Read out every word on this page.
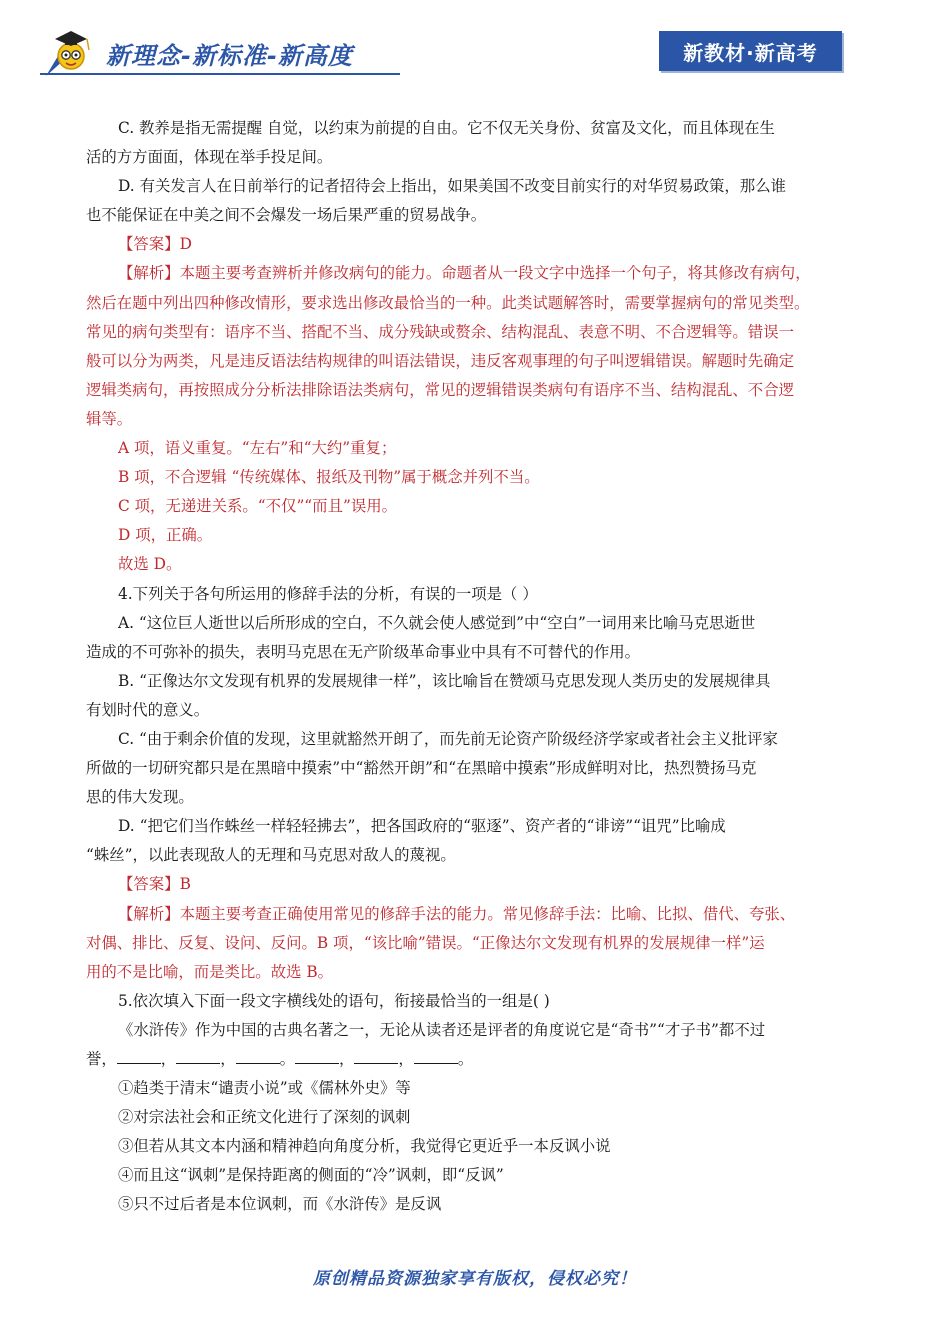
新理念-新标准-新高度	新教材·新高考
C. 教养是指无需提醒 自觉，以约束为前提的自由。它不仅无关身份、贫富及文化，而且体现在生
活的方方面面，体现在举手投足间。
D. 有关发言人在日前举行的记者招待会上指出，如果美国不改变目前实行的对华贸易政策，那么谁
也不能保证在中美之间不会爆发一场后果严重的贸易战争。
【答案】D
【解析】本题主要考查辨析并修改病句的能力。命题者从一段文字中选择一个句子，将其修改有病句，
然后在题中列出四种修改情形，要求选出修改最恰当的一种。此类试题解答时，需要掌握病句的常见类型。
常见的病句类型有：语序不当、搭配不当、成分残缺或赘余、结构混乱、表意不明、不合逻辑等。错误一
般可以分为两类，凡是违反语法结构规律的叫语法错误，违反客观事理的句子叫逻辑错误。解题时先确定
逻辑类病句，再按照成分分析法排除语法类病句，常见的逻辑错误类病句有语序不当、结构混乱、不合逻
辑等。
A 项，语义重复。“左右”和“大约”重复；
B 项，不合逻辑 “传统媒体、报纸及刊物”属于概念并列不当。
C 项，无递进关系。“不仅”“而且”误用。
D 项，正确。
故选 D。
4.下列关于各句所运用的修辞手法的分析，有误的一项是（ ）
A. “这位巨人逝世以后所形成的空白，不久就会使人感觉到”中“空白”一词用来比喻马克思逝世
造成的不可弥补的损失，表明马克思在无产阶级革命事业中具有不可替代的作用。
B. “正像达尔文发现有机界的发展规律一样”，该比喻旨在赞颂马克思发现人类历史的发展规律具
有划时代的意义。
C. “由于剩余价值的发现，这里就豁然开朗了，而先前无论资产阶级经济学家或者社会主义批评家
所做的一切研究都只是在黑暗中摸索”中“豁然开朗”和“在黑暗中摸索”形成鲜明对比，热烈赞扬马克
思的伟大发现。
D. “把它们当作蛛丝一样轻轻拂去”，把各国政府的“驱逐”、资产者的“诽谤”“诅咒”比喻成
“蛛丝”，以此表现敌人的无理和马克思对敌人的蔑视。
【答案】B
【解析】本题主要考查正确使用常见的修辞手法的能力。常见修辞手法：比喻、比拟、借代、夸张、
对偶、排比、反复、设问、反问。B 项，“该比喻”错误。“正像达尔文发现有机界的发展规律一样”运
用的不是比喻，而是类比。故选 B。
5.依次填入下面一段文字横线处的语句，衔接最恰当的一组是( )
《水浒传》作为中国的古典名著之一，无论从读者还是评者的角度说它是“奇书”“才子书”都不过
誉，	，	，	。	，	，	。
①趋类于清末“谴责小说”或《儒林外史》等
②对宗法社会和正统文化进行了深刻的讽刺
③但若从其文本内涵和精神趋向角度分析，我觉得它更近乎一本反讽小说
④而且这“讽刺”是保持距离的侧面的“冷”讽刺，即“反讽”
⑤只不过后者是本位讽刺，而《水浒传》是反讽
原创精品资源独家享有版权，侵权必究！
